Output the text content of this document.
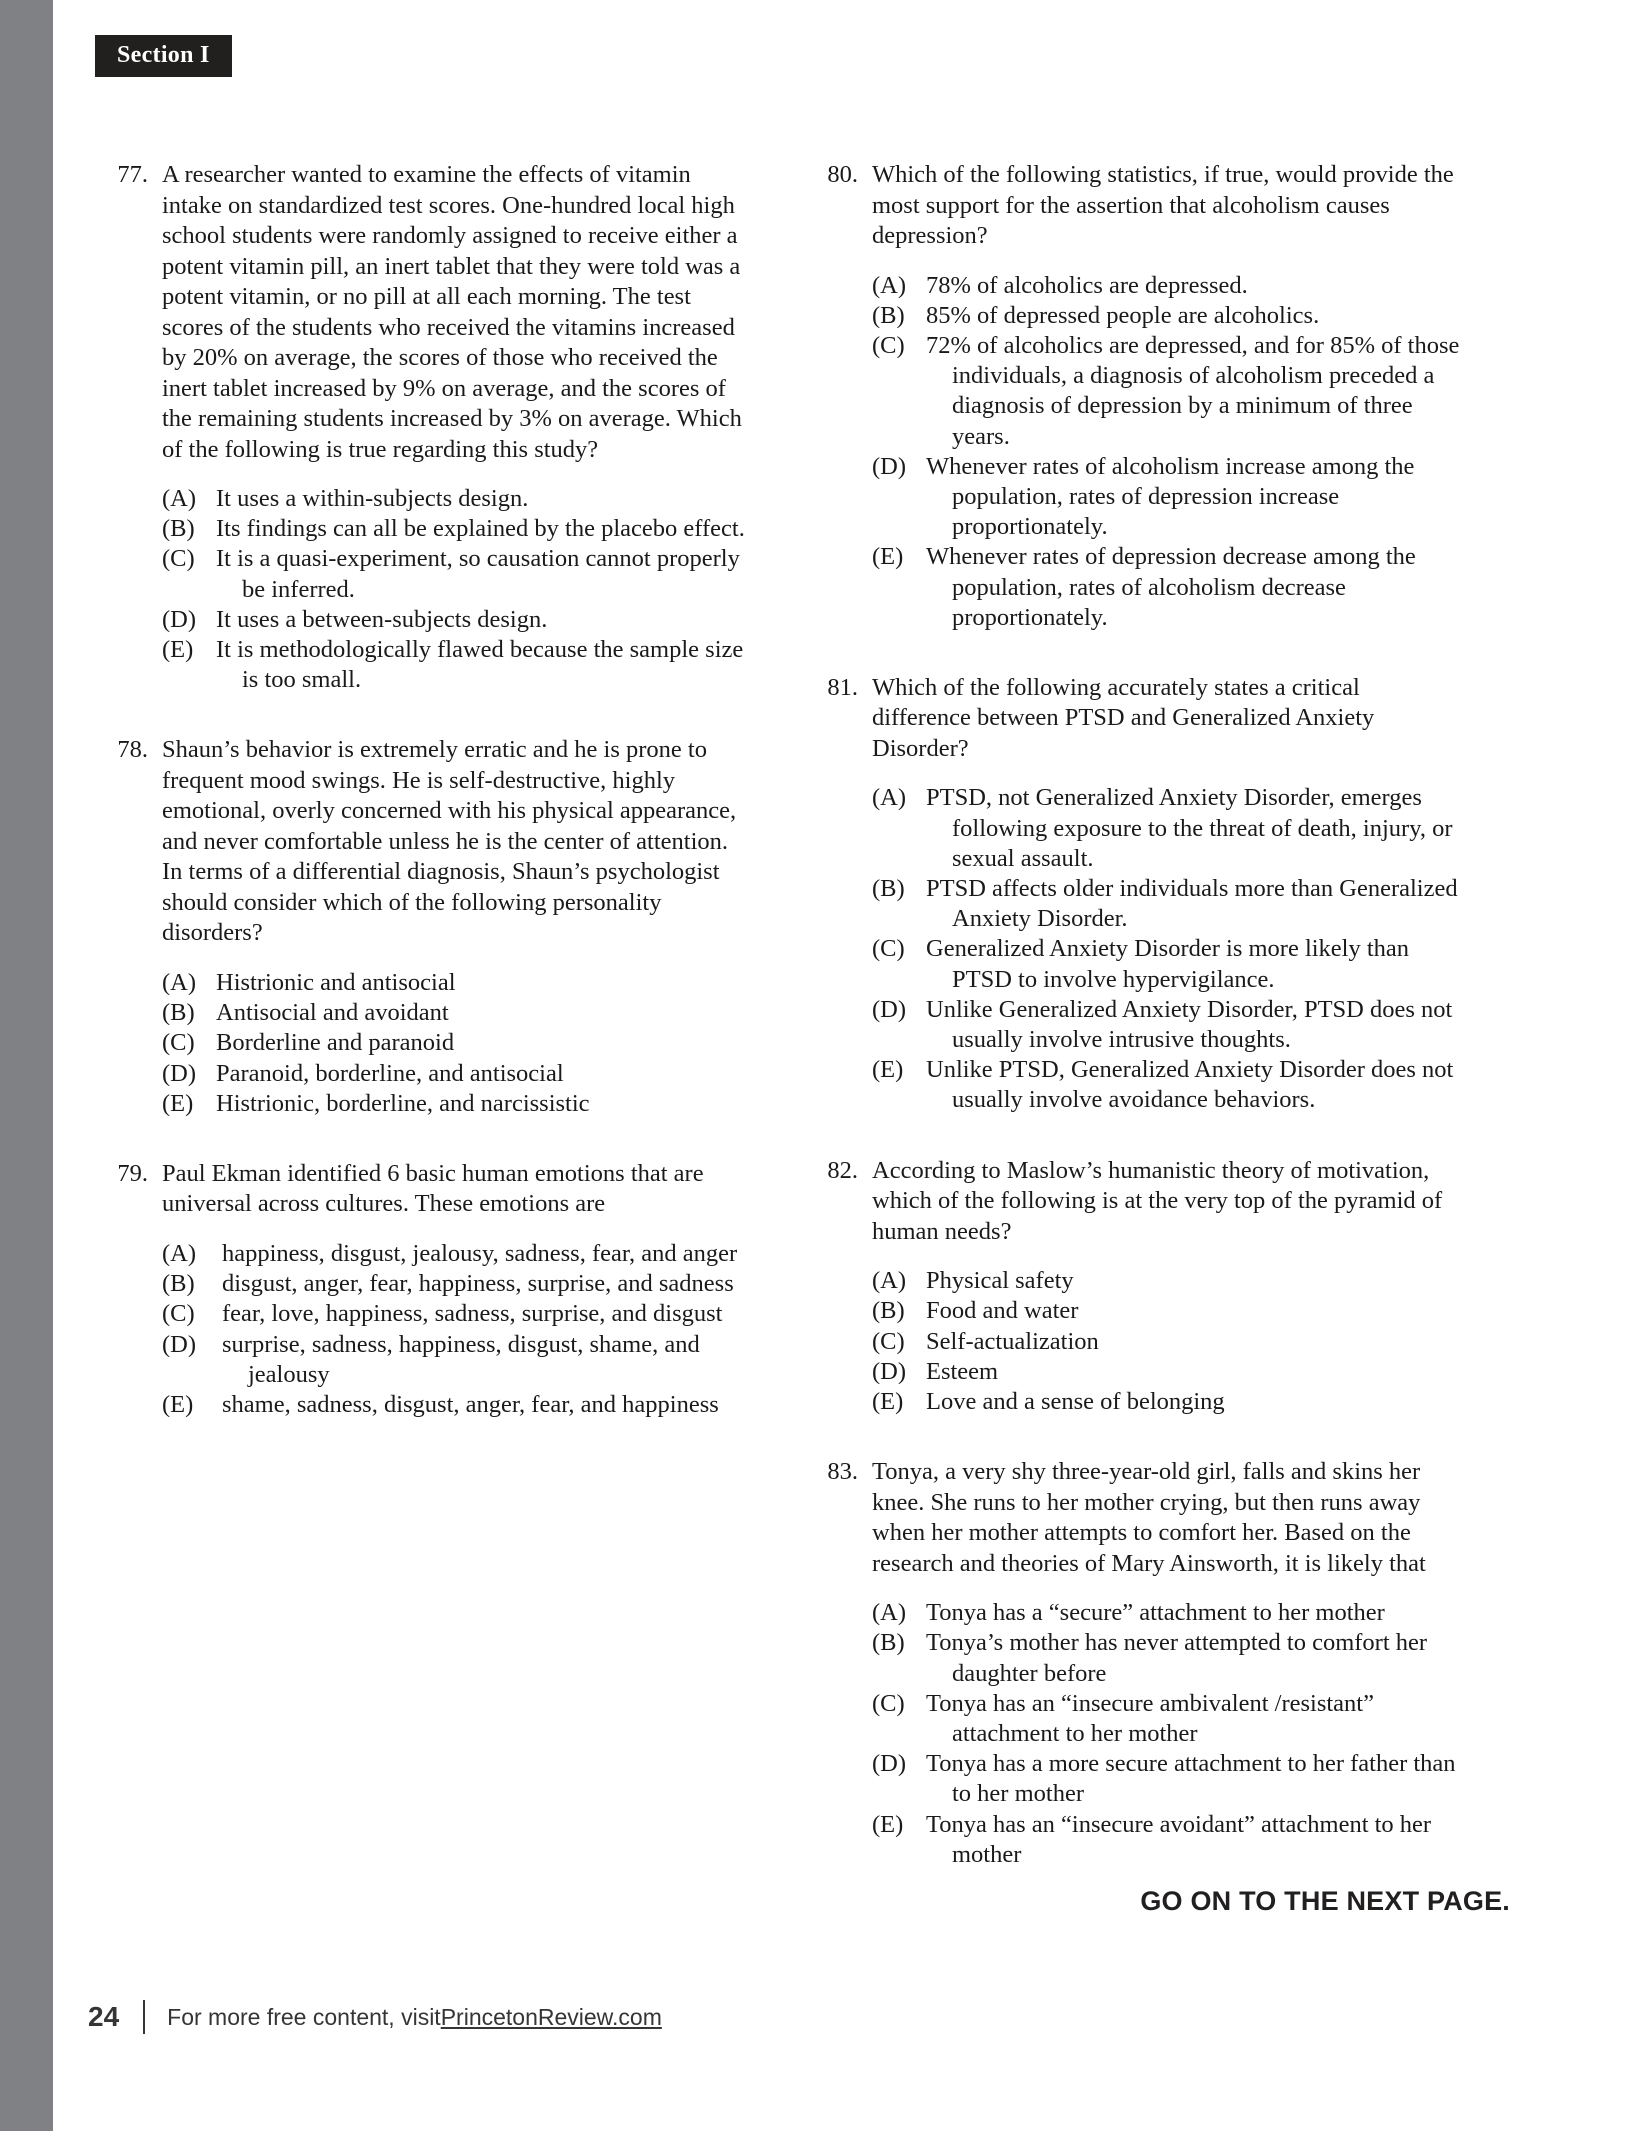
Section I
77. A researcher wanted to examine the effects of vitamin intake on standardized test scores. One-hundred local high school students were randomly assigned to receive either a potent vitamin pill, an inert tablet that they were told was a potent vitamin, or no pill at all each morning. The test scores of the students who received the vitamins increased by 20% on average, the scores of those who received the inert tablet increased by 9% on average, and the scores of the remaining students increased by 3% on average. Which of the following is true regarding this study?
(A) It uses a within-subjects design.
(B) Its findings can all be explained by the placebo effect.
(C) It is a quasi-experiment, so causation cannot properly be inferred.
(D) It uses a between-subjects design.
(E) It is methodologically flawed because the sample size is too small.
78. Shaun’s behavior is extremely erratic and he is prone to frequent mood swings. He is self-destructive, highly emotional, overly concerned with his physical appearance, and never comfortable unless he is the center of attention. In terms of a differential diagnosis, Shaun’s psychologist should consider which of the following personality disorders?
(A) Histrionic and antisocial
(B) Antisocial and avoidant
(C) Borderline and paranoid
(D) Paranoid, borderline, and antisocial
(E) Histrionic, borderline, and narcissistic
79. Paul Ekman identified 6 basic human emotions that are universal across cultures. These emotions are
(A)	happiness, disgust, jealousy, sadness, fear, and anger
(B)	disgust, anger, fear, happiness, surprise, and sadness
(C)	fear, love, happiness, sadness, surprise, and disgust
(D)	surprise, sadness, happiness, disgust, shame, and jealousy
(E)	shame, sadness, disgust, anger, fear, and happiness
80. Which of the following statistics, if true, would provide the most support for the assertion that alcoholism causes depression?
(A) 78% of alcoholics are depressed.
(B) 85% of depressed people are alcoholics.
(C) 72% of alcoholics are depressed, and for 85% of those individuals, a diagnosis of alcoholism preceded a diagnosis of depression by a minimum of three years.
(D) Whenever rates of alcoholism increase among the population, rates of depression increase proportionately.
(E) Whenever rates of depression decrease among the population, rates of alcoholism decrease proportionately.
81. Which of the following accurately states a critical difference between PTSD and Generalized Anxiety Disorder?
(A) PTSD, not Generalized Anxiety Disorder, emerges following exposure to the threat of death, injury, or sexual assault.
(B) PTSD affects older individuals more than Generalized Anxiety Disorder.
(C) Generalized Anxiety Disorder is more likely than PTSD to involve hypervigilance.
(D) Unlike Generalized Anxiety Disorder, PTSD does not usually involve intrusive thoughts.
(E) Unlike PTSD, Generalized Anxiety Disorder does not usually involve avoidance behaviors.
82. According to Maslow’s humanistic theory of motivation, which of the following is at the very top of the pyramid of human needs?
(A) Physical safety
(B) Food and water
(C) Self-actualization
(D) Esteem
(E) Love and a sense of belonging
83. Tonya, a very shy three-year-old girl, falls and skins her knee. She runs to her mother crying, but then runs away when her mother attempts to comfort her. Based on the research and theories of Mary Ainsworth, it is likely that
(A) Tonya has a “secure” attachment to her mother
(B) Tonya’s mother has never attempted to comfort her daughter before
(C) Tonya has an “insecure ambivalent /resistant” attachment to her mother
(D) Tonya has a more secure attachment to her father than to her mother
(E) Tonya has an “insecure avoidant” attachment to her mother
GO ON TO THE NEXT PAGE.
24 For more free content, visit PrincetonReview.com
